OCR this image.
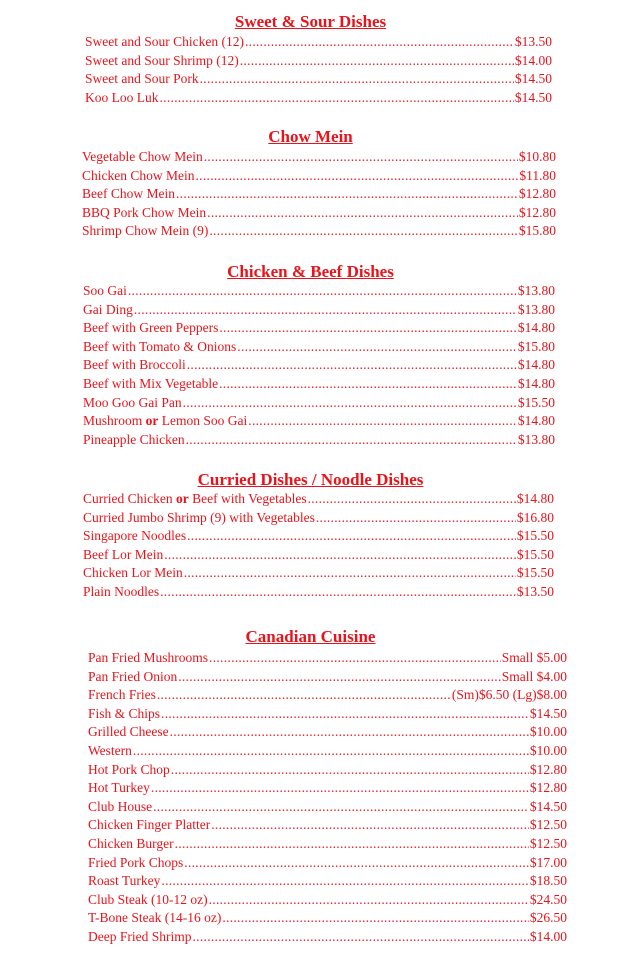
Sweet & Sour Dishes
Sweet and Sour Chicken (12) .....	$13.50
Sweet and Sour Shrimp (12) .....	$14.00
Sweet and Sour Pork .....	$14.50
Koo Loo Luk .....	$14.50
Chow Mein
Vegetable Chow Mein .....	$10.80
Chicken Chow Mein .....	$11.80
Beef Chow Mein .....	$12.80
BBQ Pork Chow Mein .....	$12.80
Shrimp Chow Mein (9) .....	$15.80
Chicken & Beef Dishes
Soo Gai .....	$13.80
Gai Ding .....	$13.80
Beef with Green Peppers .....	$14.80
Beef with Tomato & Onions .....	$15.80
Beef with Broccoli .....	$14.80
Beef with Mix Vegetable .....	$14.80
Moo Goo Gai Pan .....	$15.50
Mushroom or Lemon Soo Gai .....	$14.80
Pineapple Chicken .....	$13.80
Curried Dishes / Noodle Dishes
Curried Chicken or Beef with Vegetables .....	$14.80
Curried Jumbo Shrimp (9) with Vegetables .....	$16.80
Singapore Noodles .....	$15.50
Beef Lor Mein .....	$15.50
Chicken Lor Mein .....	$15.50
Plain Noodles .....	$13.50
Canadian Cuisine
Pan Fried Mushrooms .....	Small $5.00
Pan Fried Onion .....	Small $4.00
French Fries .....	(Sm)$6.50 (Lg)$8.00
Fish & Chips .....	$14.50
Grilled Cheese .....	$10.00
Western .....	$10.00
Hot Pork Chop .....	$12.80
Hot Turkey .....	$12.80
Club House .....	$14.50
Chicken Finger Platter .....	$12.50
Chicken Burger .....	$12.50
Fried Pork Chops .....	$17.00
Roast Turkey .....	$18.50
Club Steak (10-12 oz) .....	$24.50
T-Bone Steak (14-16 oz) .....	$26.50
Deep Fried Shrimp .....	$14.00
